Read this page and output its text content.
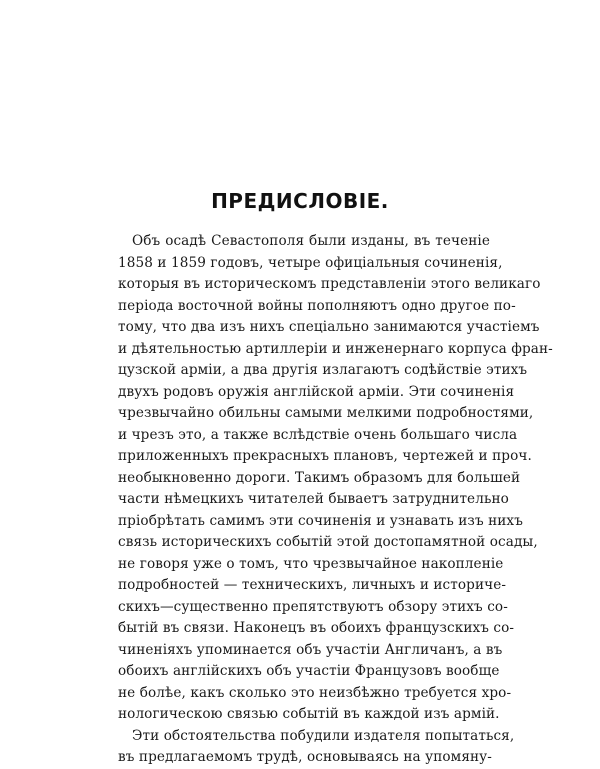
ПРЕДИСЛОВІЕ.
Объ осадѣ Севастополя были изданы, въ теченіе
1858 и 1859 годовъ, четыре офиціальныя сочиненія,
которыя въ историческомъ представленіи этого великаго
періода восточной войны пополняютъ одно другое по-
тому, что два изъ нихъ спеціально занимаются участіемъ
и дѣятельностью артиллеріи и инженернаго корпуса фран-
цузской арміи, а два другія излагаютъ содѣйствіе этихъ
двухъ родовъ оружія англійской арміи. Эти сочиненія
чрезвычайно обильны самыми мелкими подробностями,
и чрезъ это, а также вслѣдствіе очень большаго числа
приложенныхъ прекрасныхъ плановъ, чертежей и проч.
необыкновенно дороги. Такимъ образомъ для большей
части нѣмецкихъ читателей бываетъ затруднительно
пріобрѣтать самимъ эти сочиненія и узнавать изъ нихъ
связь историческихъ событій этой достопамятной осады,
не говоря уже о томъ, что чрезвычайное накопленіе
подробностей — техническихъ, личныхъ и историче-
скихъ—существенно препятствуютъ обзору этихъ со-
бытій въ связи. Наконецъ въ обоихъ французскихъ со-
чиненіяхъ упоминается объ участіи Англичанъ, а въ
обоихъ англійскихъ объ участіи Французовъ вообще
не болѣе, какъ сколько это неизбѣжно требуется хро-
нологическою связью событій въ каждой изъ армій.
Эти обстоятельства побудили издателя попытаться,
въ предлагаемомъ трудѣ, основываясь на упомяну-
